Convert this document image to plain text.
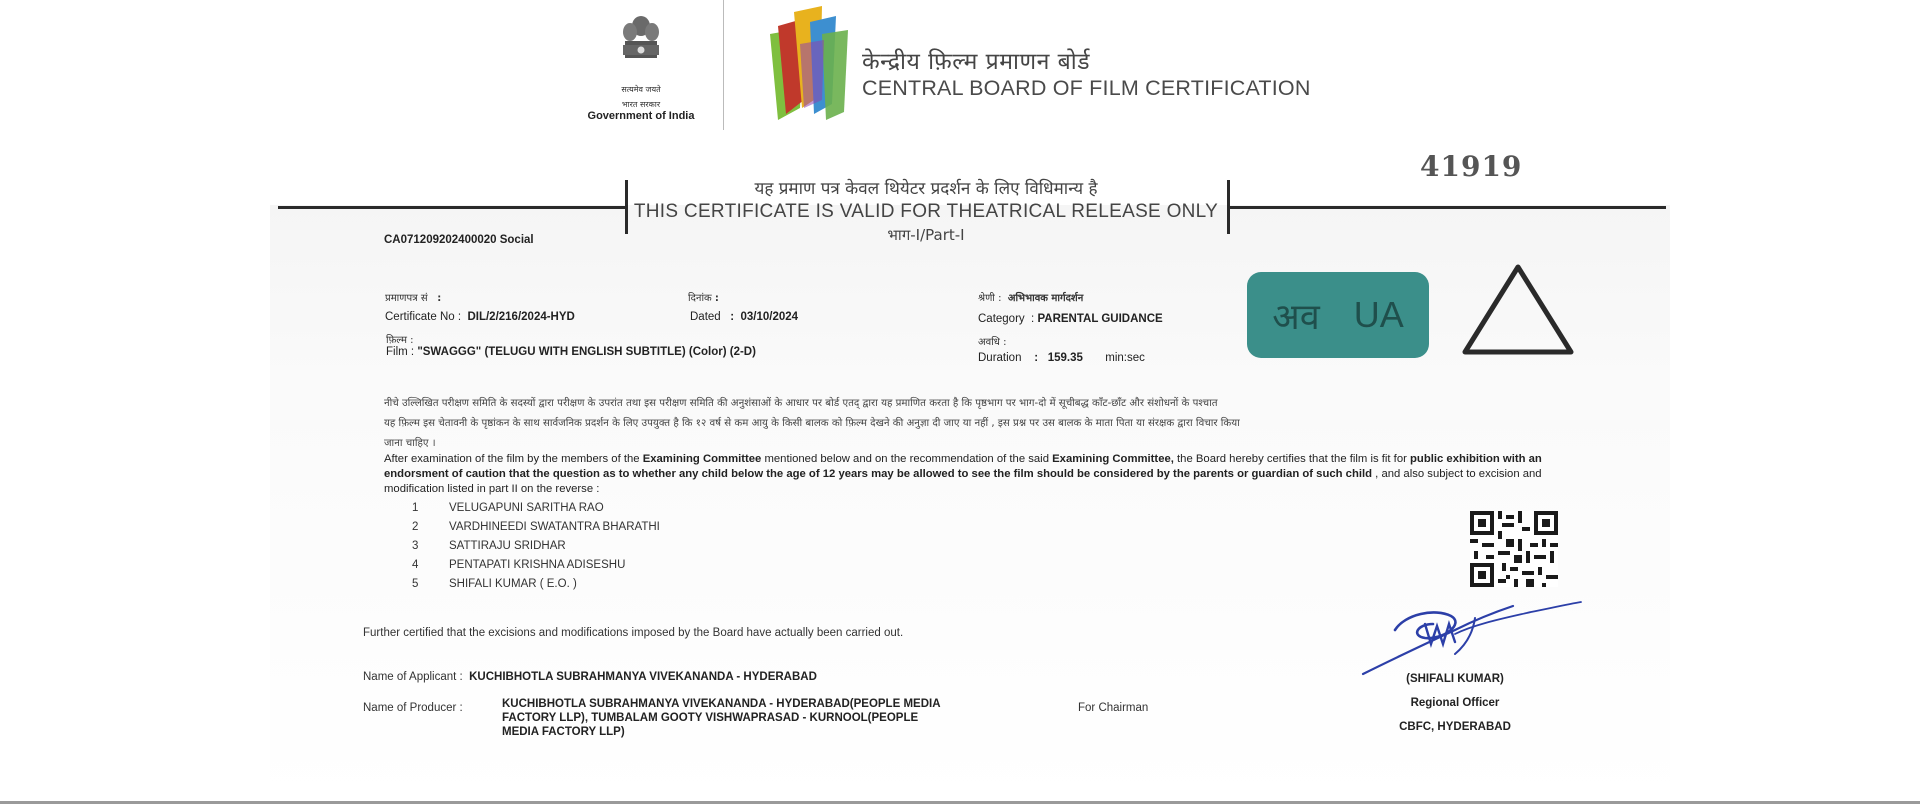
सत्यमेव जयते
भारत सरकार
Government of India
केन्द्रीय फ़िल्म प्रमाणन बोर्ड
CENTRAL BOARD OF FILM CERTIFICATION
41919
यह प्रमाण पत्र केवल थियेटर प्रदर्शन के लिए विधिमान्य है
THIS CERTIFICATE IS VALID FOR THEATRICAL RELEASE ONLY
भाग-I/Part-I
CA071209202400020 Social
प्रमाणपत्र सं :
Certificate No :  DIL/2/216/2024-HYD
दिनांक :
Dated : 03/10/2024
श्रेणी :  अभिभावक मार्गदर्शन
Category  : PARENTAL GUIDANCE
फ़िल्म :
Film : "SWAGGG" (TELUGU WITH ENGLISH SUBTITLE) (Color) (2-D)
अवधि :
Duration : 159.35 min:sec
अव UA
नीचे उल्लिखित परीक्षण समिति के सदस्यों द्वारा परीक्षण के उपरांत तथा इस परीक्षण समिति की अनुशंसाओं के आधार पर बोर्ड एतद् द्वारा यह प्रमाणित करता है कि पृष्ठभाग पर भाग-दो में सूचीबद्ध काँट-छाँट और संशोधनों के पश्चात
यह फ़िल्म इस चेतावनी के पृष्ठांकन के साथ सार्वजनिक प्रदर्शन के लिए उपयुक्त है कि १२ वर्ष से कम आयु के किसी बालक को फ़िल्म देखने की अनुज्ञा दी जाए या नहीं , इस प्रश्न पर उस बालक के माता पिता या संरक्षक द्वारा विचार किया
जाना चाहिए ।
After examination of the film by the members of the Examining Committee mentioned below and on the recommendation of the said Examining Committee, the Board hereby certifies that the film is fit for public exhibition with an endorsment of caution that the question as to whether any child below the age of 12 years may be allowed to see the film should be considered by the parents or guardian of such child , and also subject to excision and modification listed in part II on the reverse :
1	VELUGAPUNI SARITHA RAO
2	VARDHINEEDI SWATANTRA BHARATHI
3	SATTIRAJU SRIDHAR
4	PENTAPATI KRISHNA ADISESHU
5	SHIFALI KUMAR ( E.O. )
Further certified that the excisions and modifications imposed by the Board have actually been carried out.
Name of Applicant :  KUCHIBHOTLA SUBRAHMANYA VIVEKANANDA - HYDERABAD
Name of Producer :	KUCHIBHOTLA SUBRAHMANYA VIVEKANANDA - HYDERABAD(PEOPLE MEDIA
FACTORY LLP), TUMBALAM GOOTY VISHWAPRASAD - KURNOOL(PEOPLE
MEDIA FACTORY LLP)
For Chairman
(SHIFALI KUMAR)
Regional Officer
CBFC, HYDERABAD
